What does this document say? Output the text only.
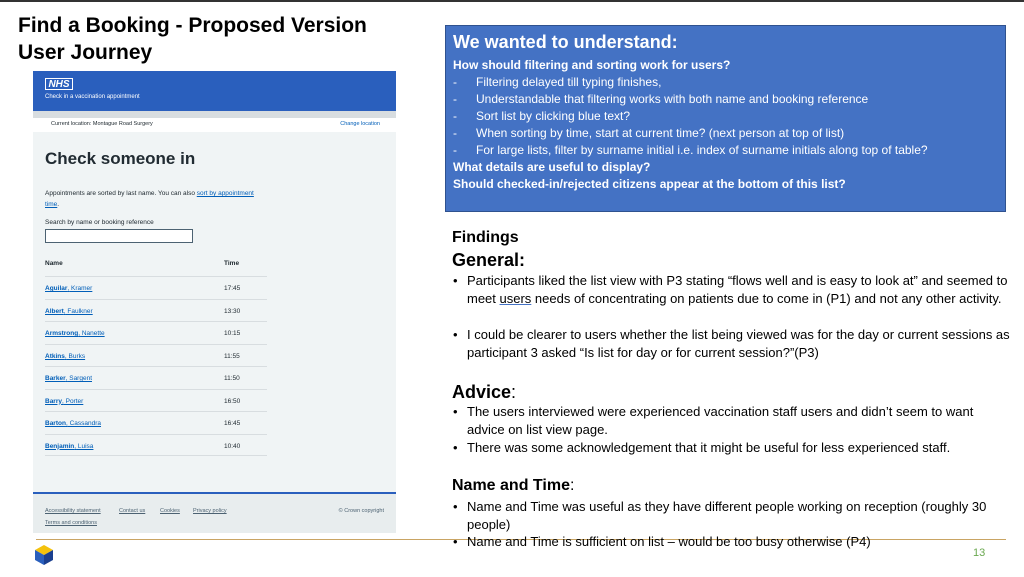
Find a Booking - Proposed Version
User Journey
NHS
Check in a vaccination appointment
Current location: Montague Road Surgery	Change location
Check someone in
Appointments are sorted by last name. You can also sort by appointment time.
Search by name or booking reference
Name	Time
Aguilar, Kramer	17:45
Albert, Faulkner	13:30
Armstrong, Nanette	10:15
Atkins, Burks	11:55
Barker, Sargent	11:50
Barry, Porter	16:50
Barton, Cassandra	16:45
Benjamin, Luisa	10:40
Accessibility statement	Contact us	Cookies Privacy policy
Terms and conditions
© Crown copyright
We wanted to understand:
How should filtering and sorting work for users?
- Filtering delayed till typing finishes,
- Understandable that filtering works with both name and booking reference
- Sort list by clicking blue text?
- When sorting by time, start at current time? (next person at top of list)
- For large lists, filter by surname initial i.e. index of surname initials along top of table?
What details are useful to display?
Should checked-in/rejected citizens appear at the bottom of this list?
Findings
General:
• Participants liked the list view with P3 stating “flows well and is easy to look at” and seemed to meet users needs of concentrating on patients due to come in (P1) and not any other activity.
• I could be clearer to users whether the list being viewed was for the day or current sessions as participant 3 asked “Is list for day or for current session?”(P3)
Advice:
• The users interviewed were experienced vaccination staff users and didn’t seem to want advice on list view page.
• There was some acknowledgement that it might be useful for less experienced staff.
Name and Time:
• Name and Time was useful as they have different people working on reception (roughly 30 people)
• Name and Time is sufficient on list – would be too busy otherwise (P4)
13
